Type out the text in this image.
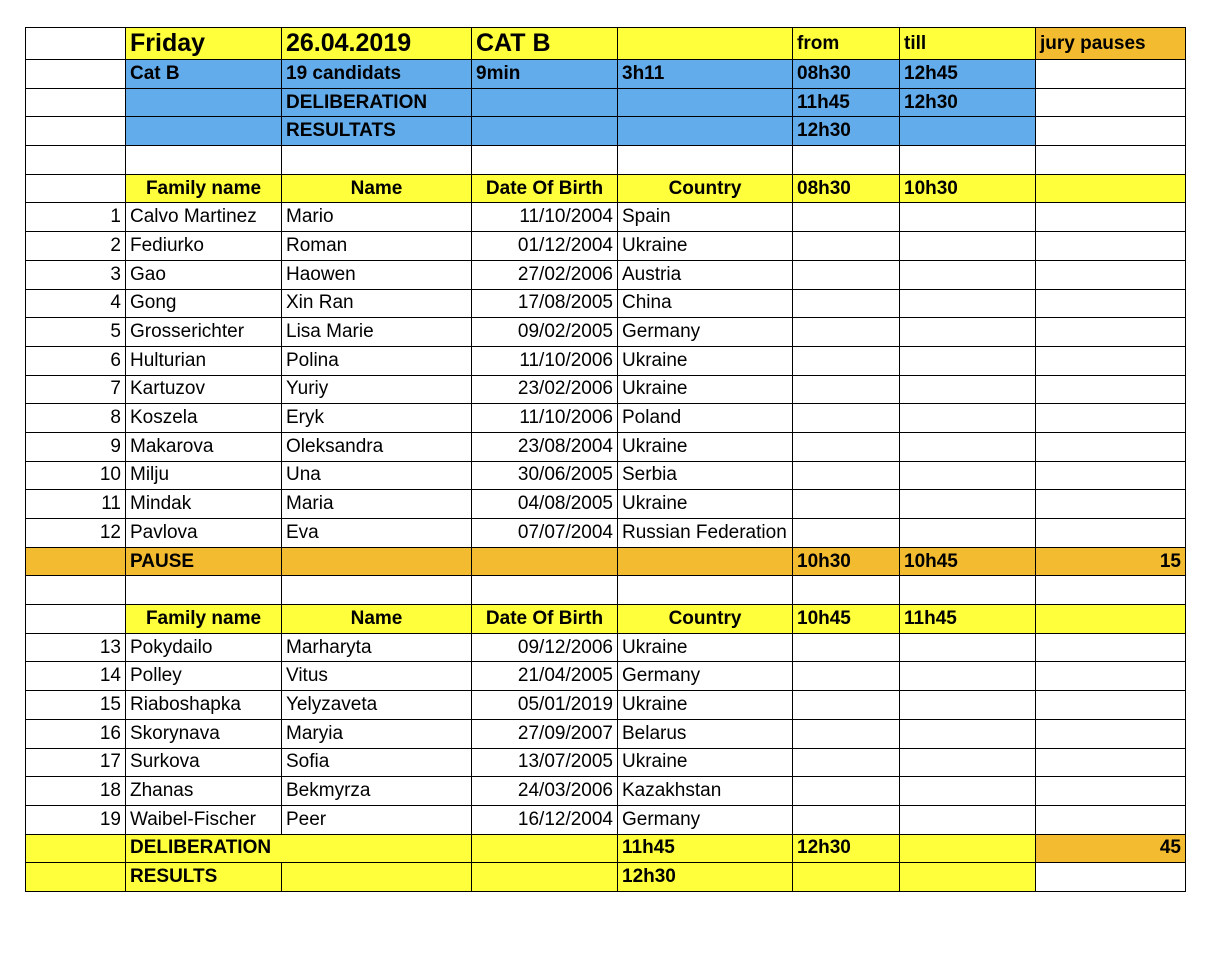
	Friday	26.04.2019	CAT B		from	till	jury pauses
	Cat B	19 candidats	9min	3h11	08h30	12h45	
		DELIBERATION			11h45	12h30	
		RESULTATS			12h30		

	Family name	Name	Date Of Birth	Country	08h30	10h30	
1	Calvo Martinez	Mario	11/10/2004	Spain			
2	Fediurko	Roman	01/12/2004	Ukraine			
3	Gao	Haowen	27/02/2006	Austria			
4	Gong	Xin Ran	17/08/2005	China			
5	Grosserichter	Lisa Marie	09/02/2005	Germany			
6	Hulturian	Polina	11/10/2006	Ukraine			
7	Kartuzov	Yuriy	23/02/2006	Ukraine			
8	Koszela	Eryk	11/10/2006	Poland			
9	Makarova	Oleksandra	23/08/2004	Ukraine			
10	Milju	Una	30/06/2005	Serbia			
11	Mindak	Maria	04/08/2005	Ukraine			
12	Pavlova	Eva	07/07/2004	Russian Federation			
	PAUSE				10h30	10h45	15

	Family name	Name	Date Of Birth	Country	10h45	11h45	
13	Pokydailo	Marharyta	09/12/2006	Ukraine			
14	Polley	Vitus	21/04/2005	Germany			
15	Riaboshapka	Yelyzaveta	05/01/2019	Ukraine			
16	Skorynava	Maryia	27/09/2007	Belarus			
17	Surkova	Sofia	13/07/2005	Ukraine			
18	Zhanas	Bekmyrza	24/03/2006	Kazakhstan			
19	Waibel-Fischer	Peer	16/12/2004	Germany			
	DELIBERATION			11h45	12h30		45
	RESULTS			12h30			
